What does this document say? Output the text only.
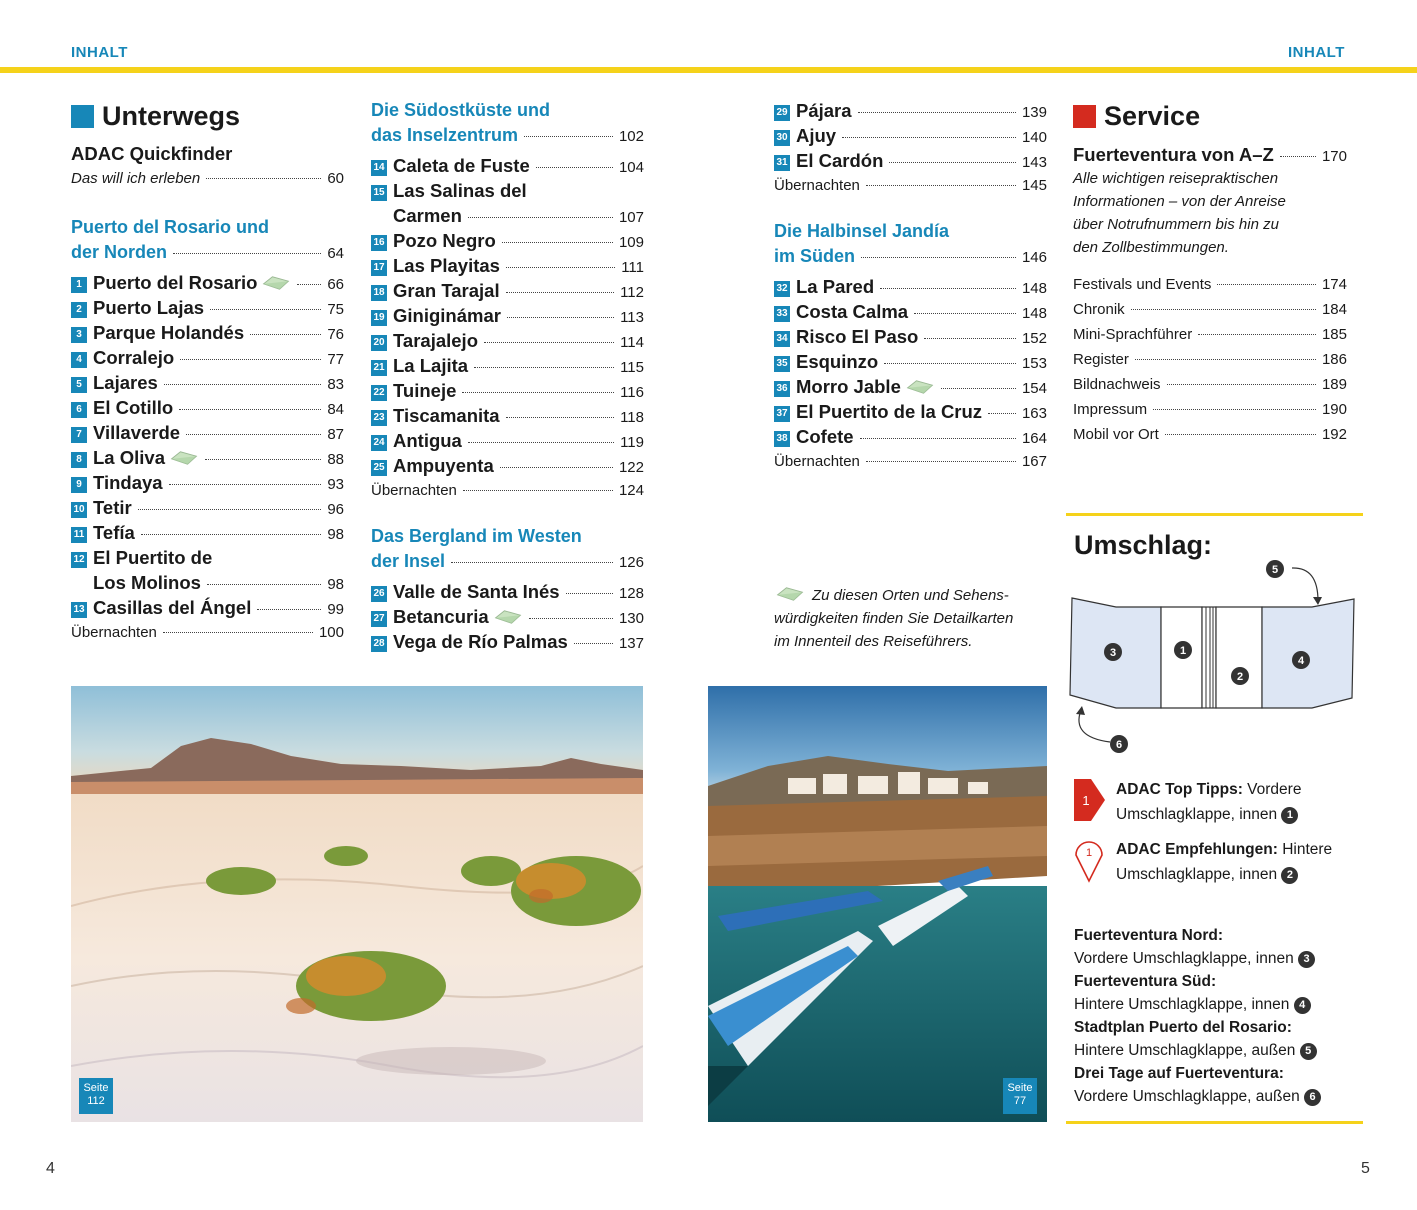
INHALT	INHALT
Unterwegs
ADAC Quickfinder
Das will ich erleben	60
Puerto del Rosario und
der Norden	64
1 Puerto del Rosario	66
2 Puerto Lajas	75
3 Parque Holandés	76
4 Corralejo	77
5 Lajares	83
6 El Cotillo	84
7 Villaverde	87
8 La Oliva	88
9 Tindaya	93
10 Tetir	96
11 Tefía	98
12 El Puertito de
Los Molinos	98
13 Casillas del Ángel	99
Übernachten	100
Die Südostküste und
das Inselzentrum	102
14 Caleta de Fuste	104
15 Las Salinas del
Carmen	107
16 Pozo Negro	109
17 Las Playitas	111
18 Gran Tarajal	112
19 Giniginámar	113
20 Tarajalejo	114
21 La Lajita	115
22 Tuineje	116
23 Tiscamanita	118
24 Antigua	119
25 Ampuyenta	122
Übernachten	124
Das Bergland im Westen
der Insel	126
26 Valle de Santa Inés	128
27 Betancuria	130
28 Vega de Río Palmas	137
29 Pájara	139
30 Ajuy	140
31 El Cardón	143
Übernachten	145
Die Halbinsel Jandía
im Süden	146
32 La Pared	148
33 Costa Calma	148
34 Risco El Paso	152
35 Esquinzo	153
36 Morro Jable	154
37 El Puertito de la Cruz	163
38 Cofete	164
Übernachten	167
Zu diesen Orten und Sehens-
würdigkeiten finden Sie Detailkarten
im Innenteil des Reiseführers.
Service
Fuerteventura von A–Z	170
Alle wichtigen reisepraktischen
Informationen – von der Anreise
über Notrufnummern bis hin zu
den Zollbestimmungen.
Festivals und Events	174
Chronik	184
Mini-Sprachführer	185
Register	186
Bildnachweis	189
Impressum	190
Mobil vor Ort	192
Umschlag:
3	1
2
4
5
6
1
ADAC Top Tipps: Vordere
Umschlagklappe, innen 1
1 ADAC Empfehlungen: Hintere
Umschlagklappe, innen 2
Fuerteventura Nord:
Vordere Umschlagklappe, innen 3
Fuerteventura Süd:
Hintere Umschlagklappe, innen 4
Stadtplan Puerto del Rosario:
Hintere Umschlagklappe, außen 5
Drei Tage auf Fuerteventura:
Vordere Umschlagklappe, außen 6
Seite
112
Seite
77
4	5
